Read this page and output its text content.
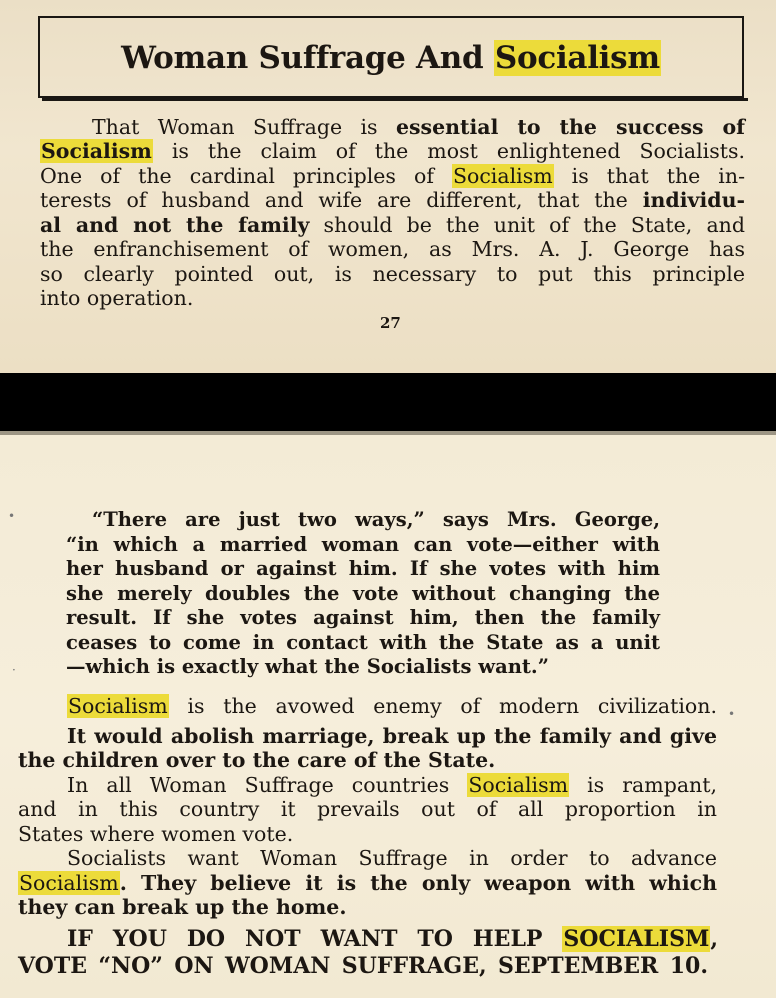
Woman Suffrage And Socialism

That Woman Suffrage is essential to the success of

Socialism is the claim of the most enlightened Socialists.

One of the cardinal principles of Socialism is that the in-

terests of husband and wife are different, that the individu-

al and not the family should be the unit of the State, and

the enfranchisement of women, as Mrs. A. J. George has

so clearly pointed out, is necessary to put this principle

into operation.

27
•
·
•
“There are just two ways,” says Mrs. George,
“in which a married woman can vote—either with
her husband or against him. If she votes with him
she merely doubles the vote without changing the
result. If she votes against him, then the family
ceases to come in contact with the State as a unit
—which is exactly what the Socialists want.”
Socialism is the avowed enemy of modern civilization.
It would abolish marriage, break up the family and give
the children over to the care of the State.
In all Woman Suffrage countries Socialism is rampant,
and in this country it prevails out of all proportion in
States where women vote.
Socialists want Woman Suffrage in order to advance
Socialism. They believe it is the only weapon with which
they can break up the home.
IF YOU DO NOT WANT TO HELP SOCIALISM,
VOTE “NO” ON WOMAN SUFFRAGE, SEPTEMBER 10.
